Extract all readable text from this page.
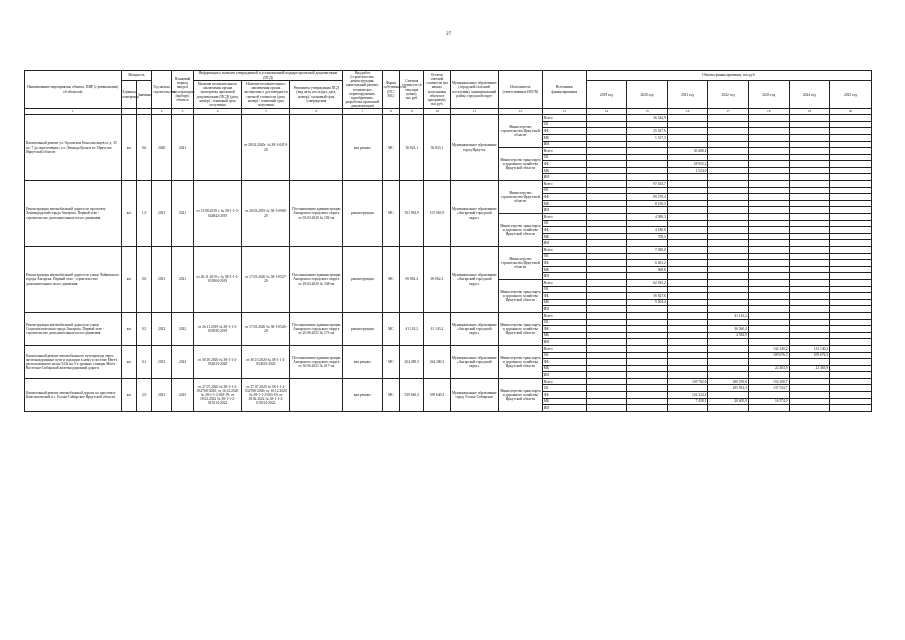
37
Наименование мероприятия, объекта, ПИР (с реквизитами) об объектов)	Мощность		Год начала строительства	Плановый период ввода в эксплуатацию (выбору) объекта	Информация о наличии утвержденной и установленной порядке проектной документации (ПСД)			Вид работ (строительство, реконструкция, капитальный ремонт, техническое перевооружение, приобретение, разработка проектной документации)	Форма собственности (ОС/ МС)	Сметная стоимость (в текущих ценах), тыс.руб.	Остаток сметной стоимости (на начало исполнения объекта в программе), тыс.руб.	Муниципальное образование (городской/сельский поселения), муниципальный район, городской округ	Исполнитель (ответственные ИОГВ)	Источники финансирования	Объемы финансирования, тыс.руб.						
	Единица измерения	Значение			Наличие положительного заключения органа экспертизы проектной документации (ПСД) (дата, номер) / плановый срок получения	Наличие положительного заключения органа экспертизы о достоверности сметной стоимости (дата, номер) / плановый срок получения	Реквизиты утверждения ПСД (вид акта, кто издал, дата, номер) / плановый срок утверждения								2019 год	2020 год	2021 год	2022 год	2023 год	2024 год	2025 год
1			2	3	4	5	6	7	8	9	10	11	12	13	14	15	16	17	18	19	20
Капитальный ремонт ул. Орловских Комсомольцев от д. 35 по. 7 до пересечения с ул. Леонида Кулаги в г. Иркутске Иркутской области	км	0,6	2020	2021		от 28.02.2020г. № 38-1-0419-20		кап.ремонт	МС	36 823,1	36 823,1	Муниципальное образование город Иркутск	Министерство строительства Иркутской области	Всего		36 344,9					
														ОБ							
														ФБ		25 027,6					
														МБ		1 317,3					
														ИИ							
													Министерство транспорта и дорожного хозяйства Иркутской области	Всего			30 480,2				
														ОБ							
														ФБ			28 955,2				
														МБ			1 524,0				
														ИИ							
Реконструкция автомобильной дороги по проспекту Ленинградский города Ангарска. Первый этап - строительство дополнительных полос движения	км	1,5	2021	2021	от 15.08.2019 г. № 38-1-1-3-024842-2019	от 28.03.2019 № 38-1-0980-20	Постановление администрации Ангарского городского округа от 03.03.2020 № 182-па	реконструкция	МС	101 963,9	101 963,9	Муниципальное образование «Ангарский городской округ»	Министерство строительства Иркутской области	Всего		97 434,7					
														ОБ							
														ФБ		89 278,4					
														МБ		8 156,3					
														ИИ							
													Министерство транспорта и дорожного хозяйства Иркутской области	Всего		4 589,3					
														ОБ							
														ФБ		4 180,0					
														МБ		378,3					
														ИИ							
Реконструкция автомобильной дороги по улице Чайковского города Ангарска. Первый этап - строительство дополнительных полос движения	км	0,6	2021	2021	от 26.11.2019 г. № 38-1-1-3-033904-2019	от 17.03.2020 № 38-1-0527-20	Постановление администрации Ангарского городского округа от 29.04.2020 № 338-па	реконструкция	МС	69 062,2	69 062,2	Муниципальное образование «Ангарский городской округ»	Министерство строительства Иркутской области	Всего		7 030,0					
														ОБ							
														ФБ		6 461,2					
														МБ		568,8					
														ИИ							
													Министерство транспорта и дорожного хозяйства Иркутской области	Всего		62 032,2					
														ОБ							
														ФБ		56 827,8					
														МБ		5 204,4					
														ИИ							
Реконструкция автомобильной дороги по улице Социалистическая города Ангарска. Первый этап - строительство дополнительных полос движения	км	0,5	2022	2022	от 26.11.2019 № 38-1-1-3-033945-2019	от 17.03.2020 № 38-1-0526-20	Постановление администрации Ангарского городского округа от 20.06.2021 № 573-па	реконструкция	МС	41 143,2	41 143,2	Муниципальное образование «Ангарский городской округ»	Министерство транспорта и дорожного хозяйства Иркутской области	Всего				41 143,2			
														ОБ							
														ФБ				36 560,3			
														МБ				4 582,9			
														ИИ							
Капитальный ремонт автомобильного путепровода через железнодорожные пути и подходов к нему в поселке Мегет, расположенного на км 5342 на 3-х уровнях станции Мегет Восточно-Сибирской железнодорожной дороги	км	0,1	2023	2024	от 30.10.2020 № 38-1-1-2-054033-2020	от 30.10.2020 № 38-1-1-2-054033-2020	Постановление администрации Ангарского городского округа от 30.06.2021 № 617-па	кап.ремонт	МС	264 280,3	264 280,3	Муниципальное образование «Ангарский городской округ»	Министерство транспорта и дорожного хозяйства Иркутской области	Всего					132 140,2	132 140,2	
														ОБ					109 676,3	109 676,3	
														ФБ							
														МБ					22 463,9	22 463,9	
														ИИ							
Капитальный ремонт автомобильной дороги по проспекту Комсомольский в г. Усолье-Сибирское Иркутской области	км	2,9	2021	2023	от 27.07.2020 № 38-1-1-2-032768-2020; от 16.12.2020 № 38-1-1-2-063-19; от 18.02.2022 № 38-1-1-2-010314-2022	от 27.07.2020 № 38-1-1-2-032768-2020; от 16.12.2020 № 38-1-1-2-063-19; от 18.02.2022 № 38-1-1-2-010314-2022		кап.ремонт	МС	559 640,3	559 640,3	Муниципальное образование город Усолье-Сибирское	Министерство транспорта и дорожного хозяйства Иркутской области	Всего			149 782,6	286 559,0	154 100,7		
														ОБ				185 952,3	137 554,7		
														ФБ			142 324,4				
														МБ			7 458,1	20 605,9	16 574,0		
														ИИ							
